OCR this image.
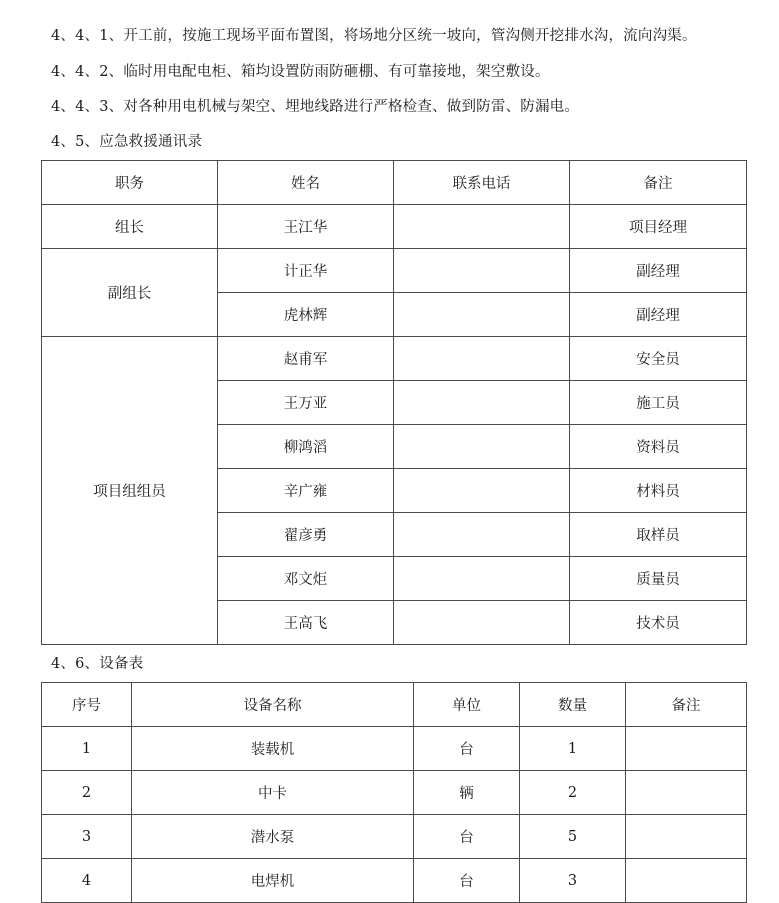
4、4、1、开工前，按施工现场平面布置图，将场地分区统一坡向，管沟侧开挖排水沟，流向沟渠。
4、4、2、临时用电配电柜、箱均设置防雨防砸棚、有可靠接地，架空敷设。
4、4、3、对各种用电机械与架空、埋地线路进行严格检查、做到防雷、防漏电。
4、5、应急救援通讯录
职务	姓名	联系电话	备注
组长	王江华		项目经理
副组长	计正华		副经理
	虎林辉		副经理
项目组组员	赵甫军		安全员
	王万亚		施工员
	柳鸿滔		资料员
	辛广雍		材料员
	翟彦勇		取样员
	邓文炬		质量员
	王高飞		技术员
4、6、设备表
序号	设备名称	单位	数量	备注
1	装载机	台	1	
2	中卡	辆	2	
3	潜水泵	台	5	
4	电焊机	台	3	
